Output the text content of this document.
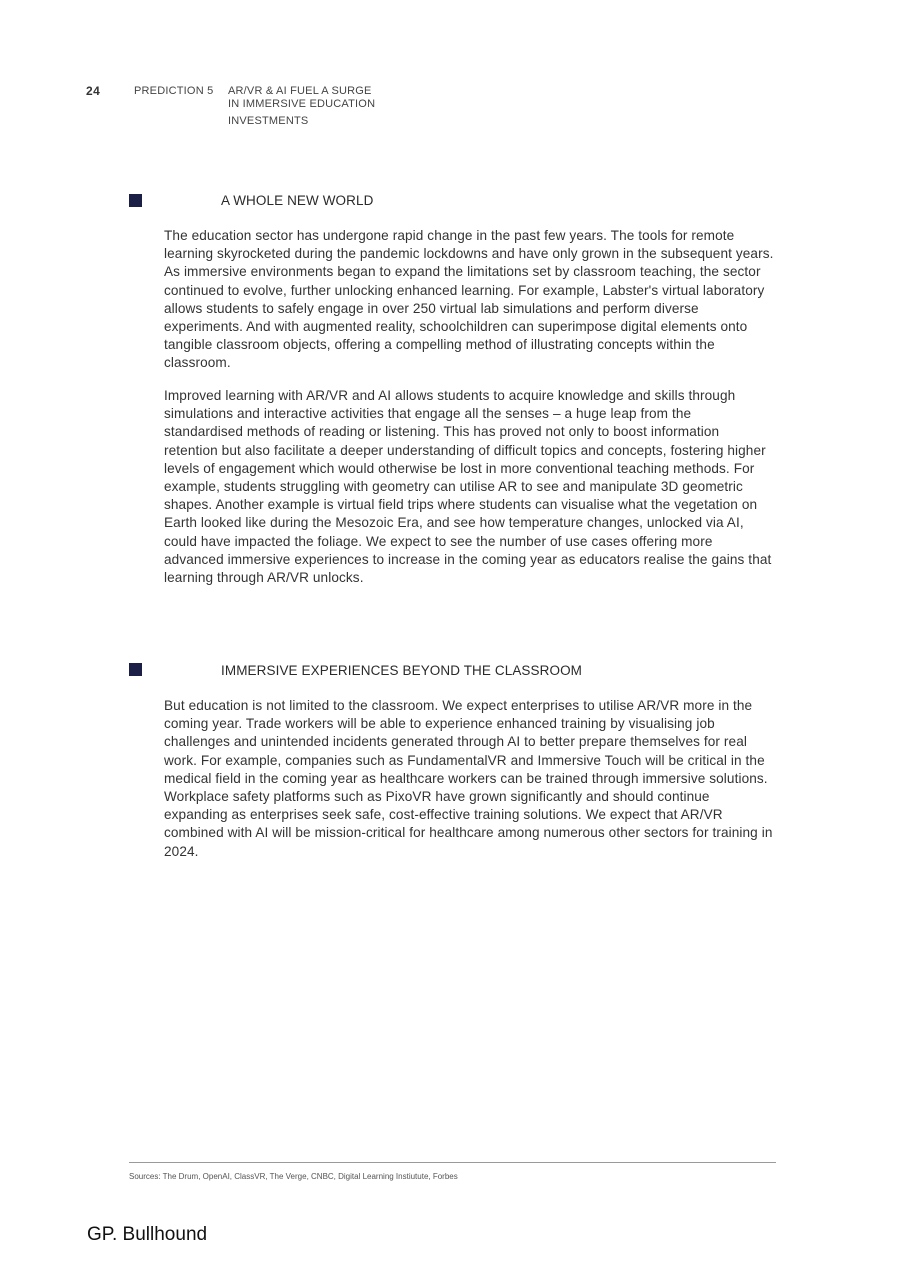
24	PREDICTION 5 AR/VR & AI FUEL A SURGE
IN IMMERSIVE EDUCATION
INVESTMENTS
A WHOLE NEW WORLD

The education sector has undergone rapid change in the past few years. The tools for remote learning skyrocketed during the pandemic lockdowns and have only grown in the subsequent years. As immersive environments began to expand the limitations set by classroom teaching, the sector continued to evolve, further unlocking enhanced learning. For example, Labster's virtual laboratory allows students to safely engage in over 250 virtual lab simulations and perform diverse experiments. And with augmented reality, schoolchildren can superimpose digital elements onto tangible classroom objects, offering a compelling method of illustrating concepts within the classroom.

Improved learning with AR/VR and AI allows students to acquire knowledge and skills through simulations and interactive activities that engage all the senses – a huge leap from the standardised methods of reading or listening. This has proved not only to boost information retention but also facilitate a deeper understanding of difficult topics and concepts, fostering higher levels of engagement which would otherwise be lost in more conventional teaching methods. For example, students struggling with geometry can utilise AR to see and manipulate 3D geometric shapes. Another example is virtual field trips where students can visualise what the vegetation on Earth looked like during the Mesozoic Era, and see how temperature changes, unlocked via AI, could have impacted the foliage. We expect to see the number of use cases offering more advanced immersive experiences to increase in the coming year as educators realise the gains that learning through AR/VR unlocks.

IMMERSIVE EXPERIENCES BEYOND THE CLASSROOM

But education is not limited to the classroom. We expect enterprises to utilise AR/VR more in the coming year. Trade workers will be able to experience enhanced training by visualising job challenges and unintended incidents generated through AI to better prepare themselves for real work. For example, companies such as FundamentalVR and Immersive Touch will be critical in the medical field in the coming year as healthcare workers can be trained through immersive solutions. Workplace safety platforms such as PixoVR have grown significantly and should continue expanding as enterprises seek safe, cost-effective training solutions. We expect that AR/VR combined with AI will be mission-critical for healthcare among numerous other sectors for training in 2024.

Sources: The Drum, OpenAI, ClassVR, The Verge, CNBC, Digital Learning Instiutute, Forbes
GP. Bullhound
